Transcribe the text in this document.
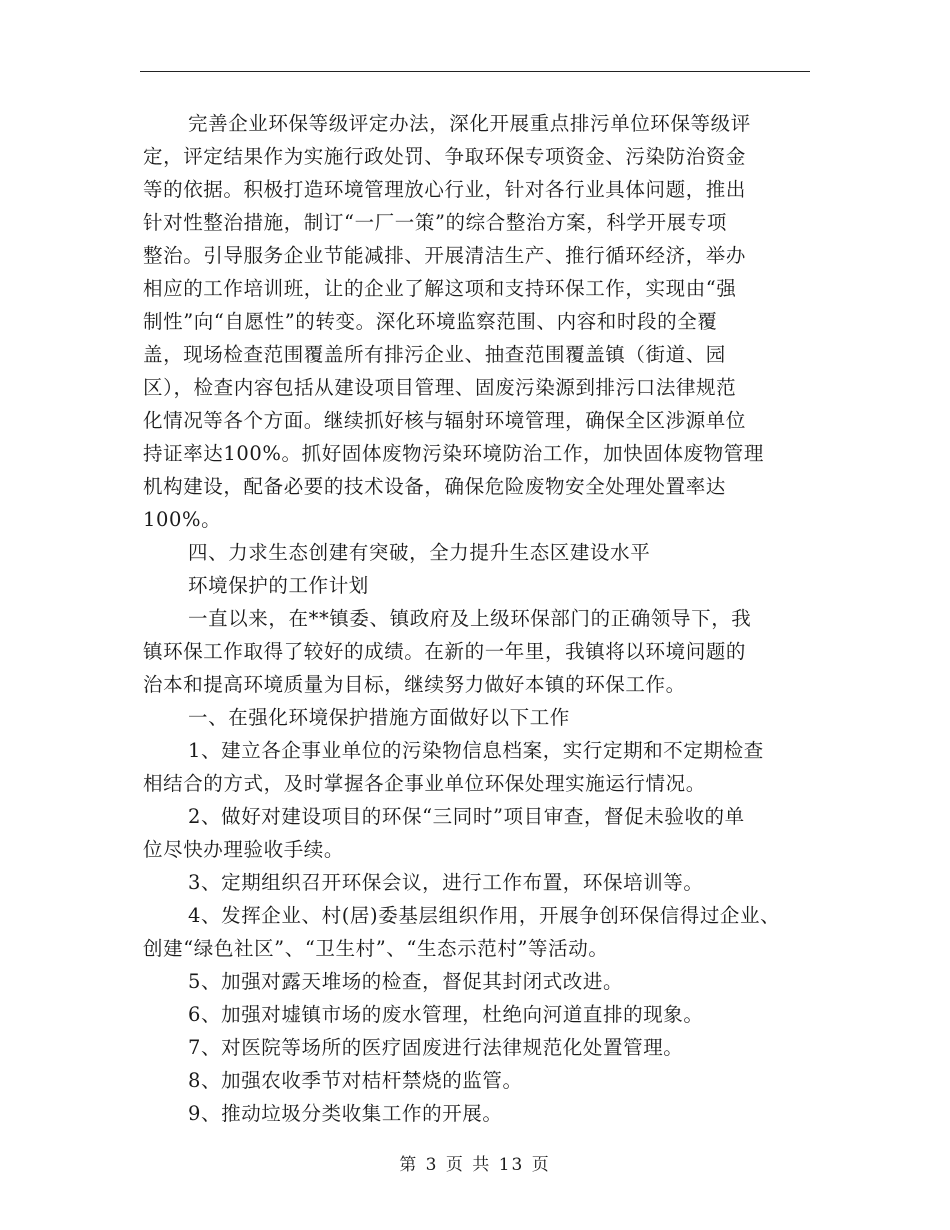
完善企业环保等级评定办法，深化开展重点排污单位环保等级评
定，评定结果作为实施行政处罚、争取环保专项资金、污染防治资金
等的依据。积极打造环境管理放心行业，针对各行业具体问题，推出
针对性整治措施，制订“一厂一策”的综合整治方案，科学开展专项
整治。引导服务企业节能减排、开展清洁生产、推行循环经济，举办
相应的工作培训班，让的企业了解这项和支持环保工作，实现由“强
制性”向“自愿性”的转变。深化环境监察范围、内容和时段的全覆
盖，现场检查范围覆盖所有排污企业、抽查范围覆盖镇（街道、园
区），检查内容包括从建设项目管理、固废污染源到排污口法律规范
化情况等各个方面。继续抓好核与辐射环境管理，确保全区涉源单位
持证率达100%。抓好固体废物污染环境防治工作，加快固体废物管理
机构建设，配备必要的技术设备，确保危险废物安全处理处置率达
100%。
四、力求生态创建有突破，全力提升生态区建设水平
环境保护的工作计划
一直以来，在**镇委、镇政府及上级环保部门的正确领导下，我
镇环保工作取得了较好的成绩。在新的一年里，我镇将以环境问题的
治本和提高环境质量为目标，继续努力做好本镇的环保工作。
一、在强化环境保护措施方面做好以下工作
1、建立各企事业单位的污染物信息档案，实行定期和不定期检查
相结合的方式，及时掌握各企事业单位环保处理实施运行情况。
2、做好对建设项目的环保“三同时”项目审查，督促未验收的单
位尽快办理验收手续。
3、定期组织召开环保会议，进行工作布置，环保培训等。
4、发挥企业、村(居)委基层组织作用，开展争创环保信得过企业、
创建“绿色社区”、“卫生村”、“生态示范村”等活动。
5、加强对露天堆场的检查，督促其封闭式改进。
6、加强对墟镇市场的废水管理，杜绝向河道直排的现象。
7、对医院等场所的医疗固废进行法律规范化处置管理。
8、加强农收季节对桔杆禁烧的监管。
9、推动垃圾分类收集工作的开展。
第 3 页 共 13 页
